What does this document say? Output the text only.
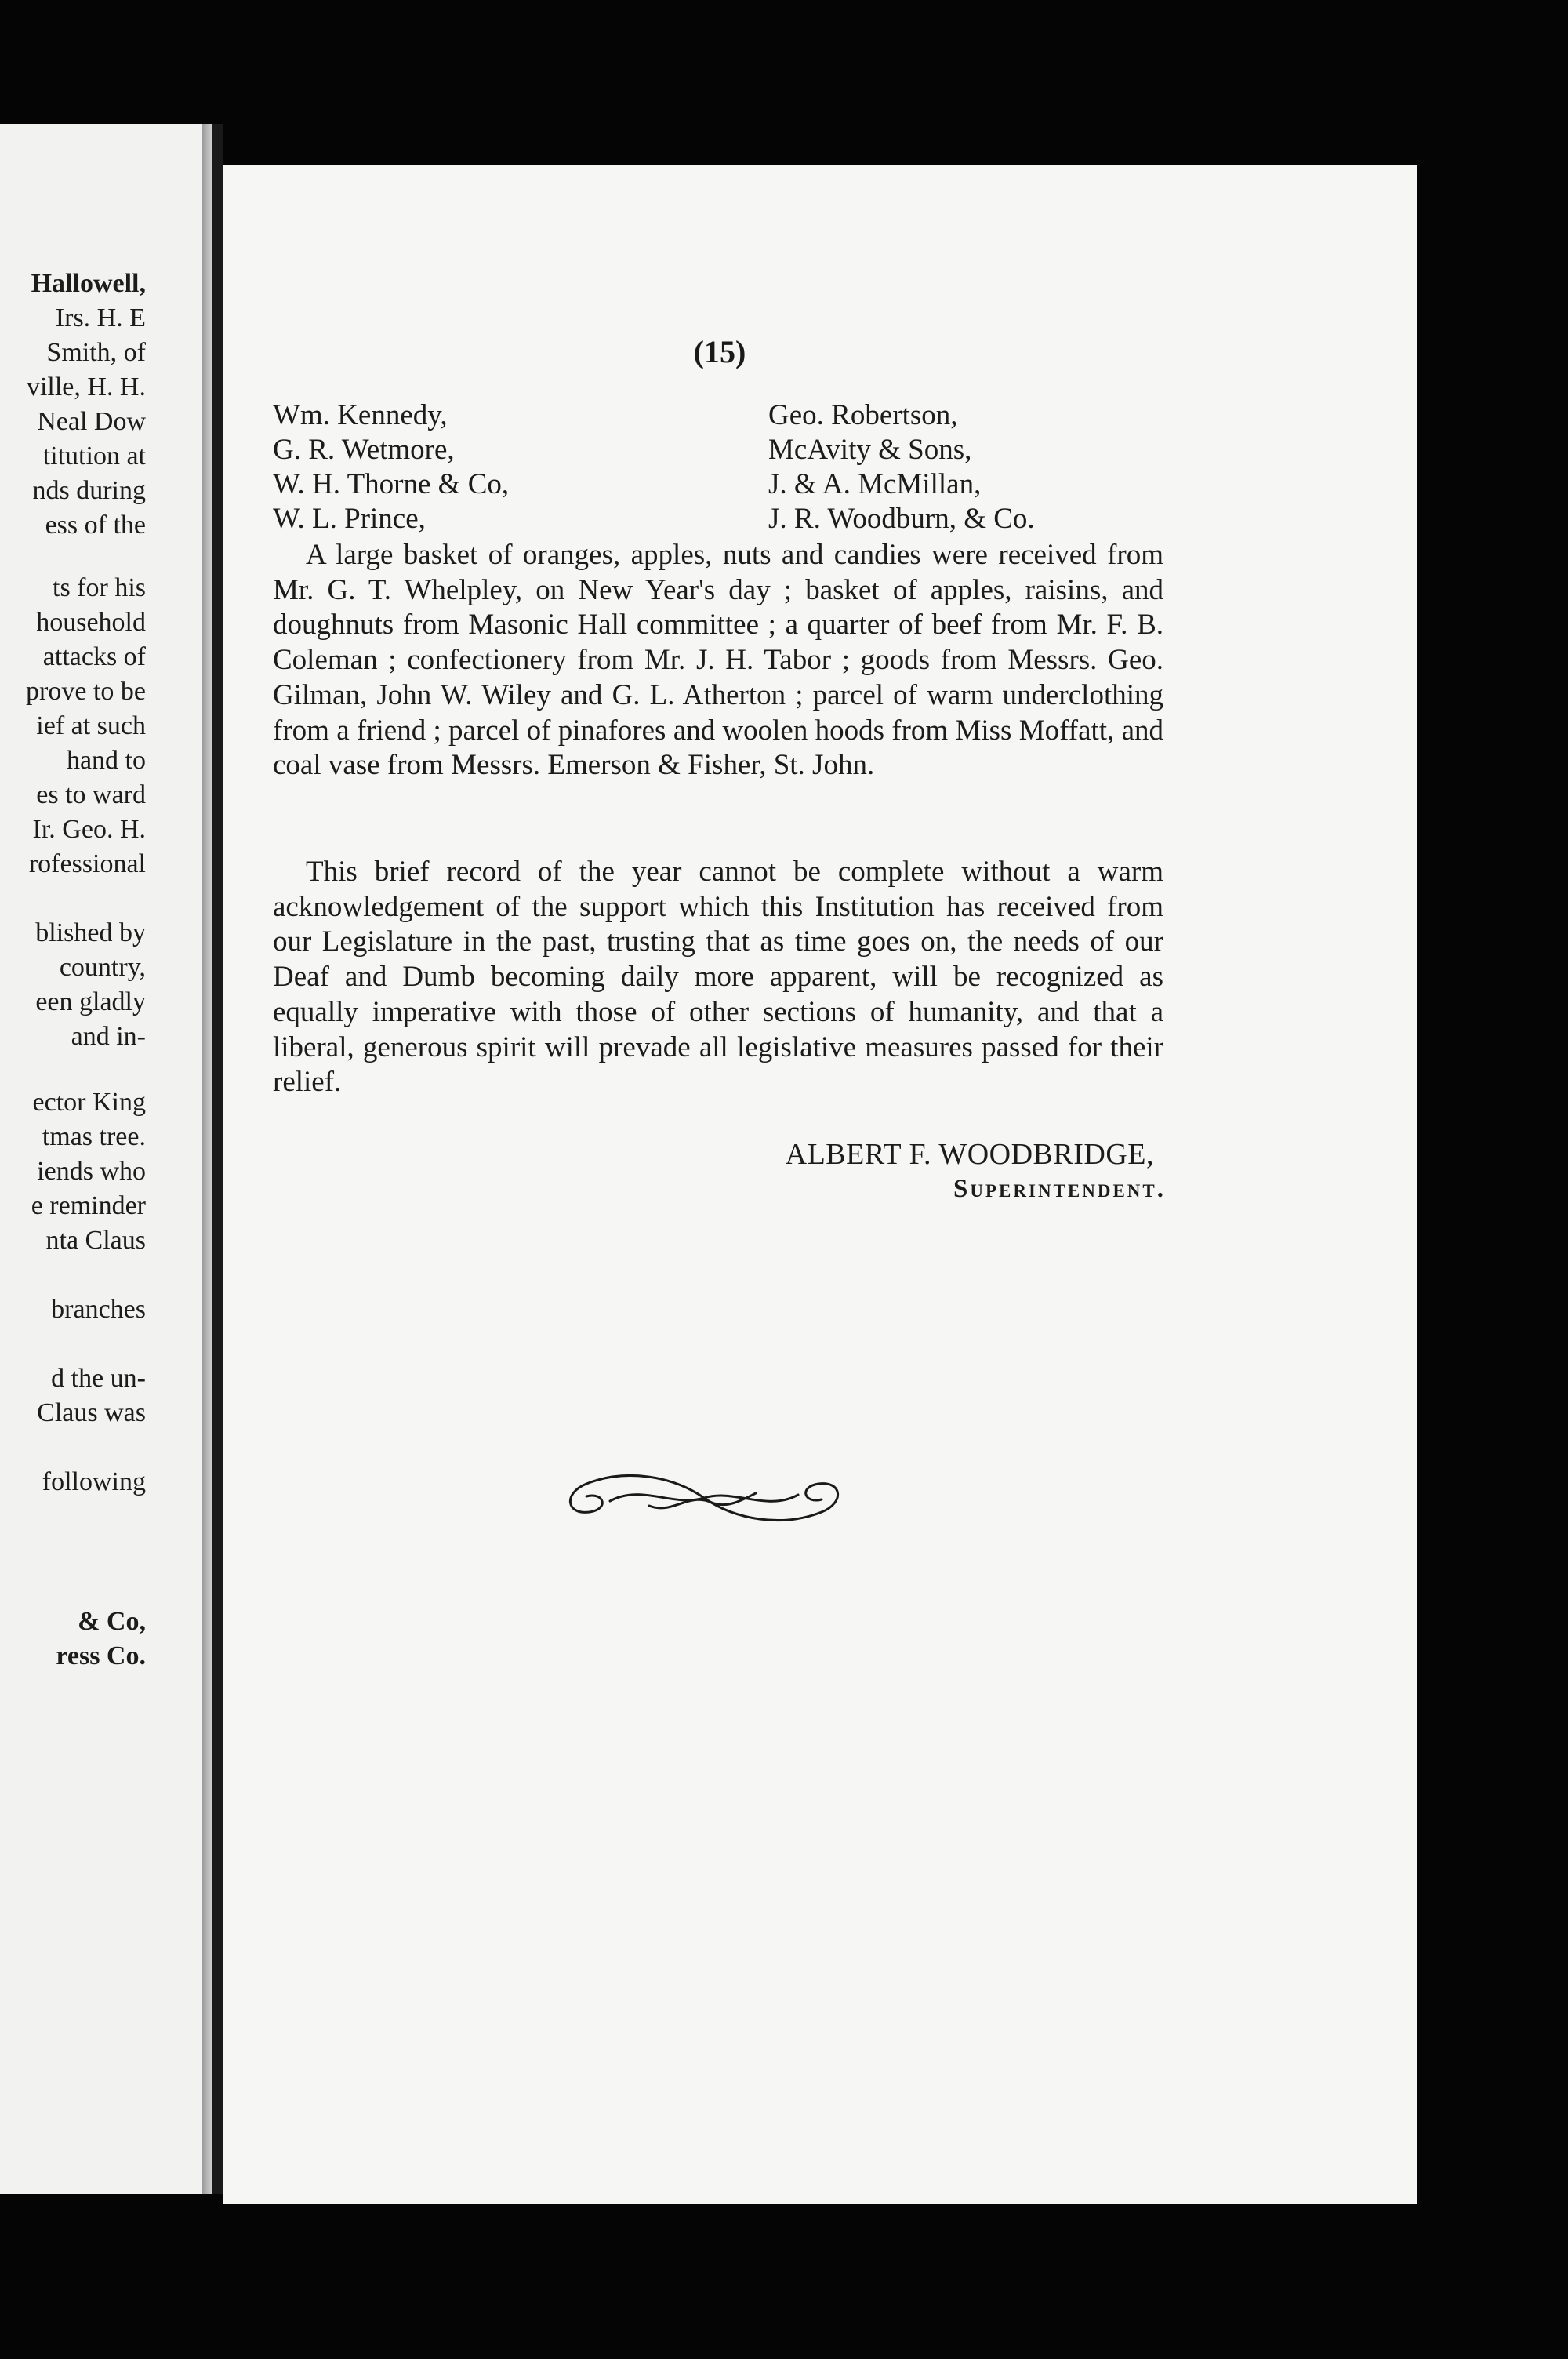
Hallowell,
Irs. H. E
Smith, of
ville, H. H.
Neal Dow
titution at
nds during
ess of the
ts for his
household
attacks of
prove to be
ief at such
hand to
es to ward
Ir. Geo. H.
rofessional
blished by
country,
een gladly
and in-
ector King
tmas tree.
iends who
e reminder
nta Claus
branches
d the un-
Claus was
following
& Co,
ress Co.
(15)
Wm. Kennedy,
G. R. Wetmore,
W. H. Thorne & Co,
W. L. Prince,
Geo. Robertson,
McAvity & Sons,
J. & A. McMillan,
J. R. Woodburn, & Co.
A large basket of oranges, apples, nuts and candies were received from Mr. G. T. Whelpley, on New Year's day ; basket of apples, raisins, and doughnuts from Masonic Hall committee ; a quarter of beef from Mr. F. B. Coleman ; confectionery from Mr. J. H. Tabor ; goods from Messrs. Geo. Gilman, John W. Wiley and G. L. Atherton ; parcel of warm underclothing from a friend ; parcel of pinafores and woolen hoods from Miss Moffatt, and coal vase from Messrs. Emerson & Fisher, St. John.
This brief record of the year cannot be complete without a warm acknowledgement of the support which this Institution has received from our Legislature in the past, trusting that as time goes on, the needs of our Deaf and Dumb becoming daily more apparent, will be recognized as equally imperative with those of other sections of humanity, and that a liberal, generous spirit will prevade all legislative measures passed for their relief.
ALBERT F. WOODBRIDGE,
Superintendent.
